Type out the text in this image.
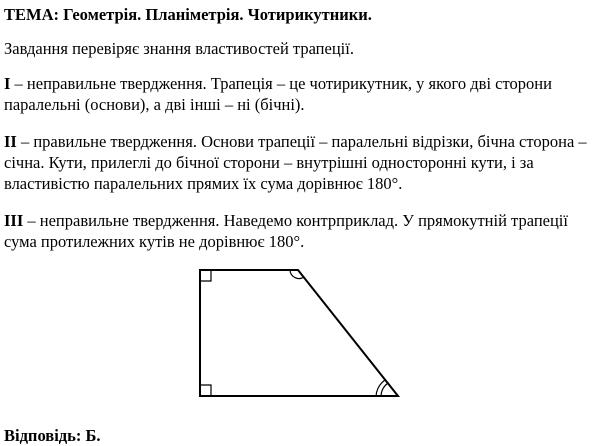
ТЕМА: Геометрія. Планіметрія. Чотирикутники.
Завдання перевіряє знання властивостей трапеції.
I – неправильне твердження. Трапеція – це чотирикутник, у якого дві сторони паралельні (основи), а дві інші – ні (бічні).
II – правильне твердження. Основи трапеції – паралельні відрізки, бічна сторона – січна. Кути, прилеглі до бічної сторони – внутрішні односторонні кути, і за властивістю паралельних прямих їх сума дорівнює 180°.
III – неправильне твердження. Наведемо контрприклад. У прямокутній трапеції сума протилежних кутів не дорівнює 180°.
Відповідь: Б.
